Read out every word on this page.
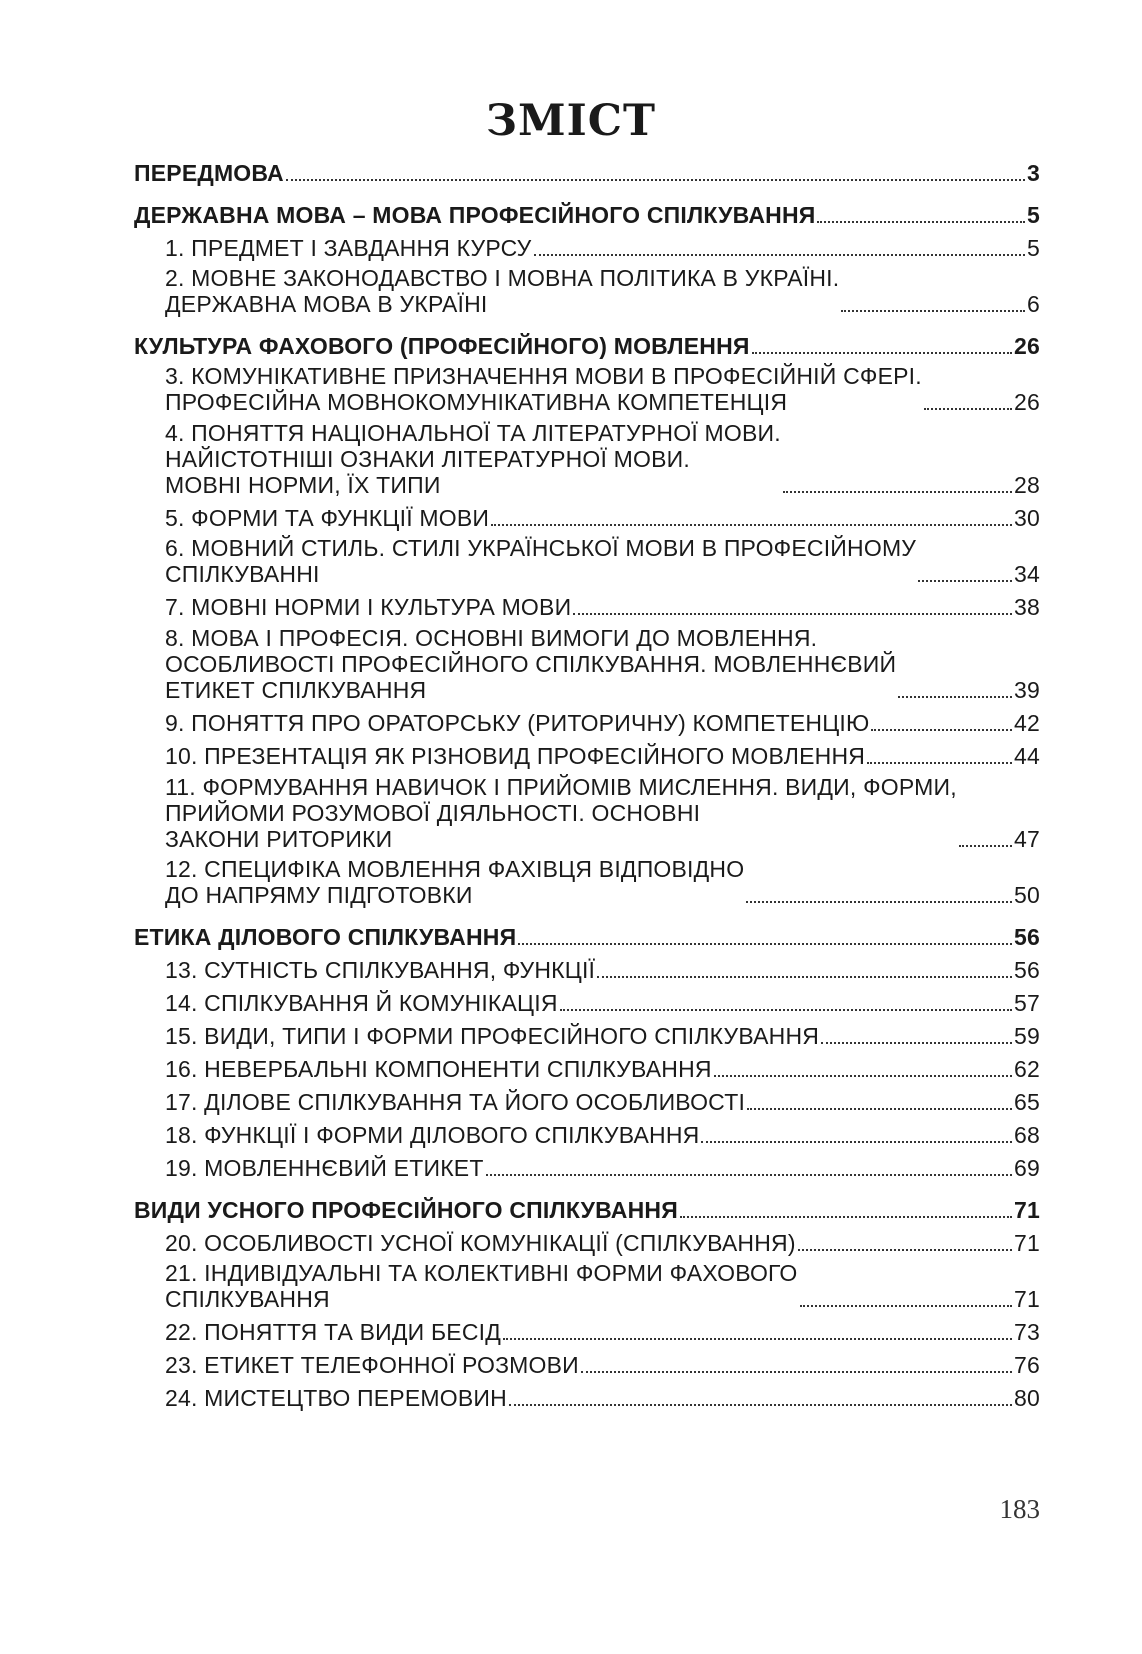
ЗМІСТ
ПЕРЕДМОВА	3
ДЕРЖАВНА МОВА – МОВА ПРОФЕСІЙНОГО СПІЛКУВАННЯ	5
1. ПРЕДМЕТ І ЗАВДАННЯ КУРСУ	5
2. МОВНЕ ЗАКОНОДАВСТВО І МОВНА ПОЛІТИКА В УКРАЇНІ.
ДЕРЖАВНА МОВА В УКРАЇНІ	6
КУЛЬТУРА ФАХОВОГО (ПРОФЕСІЙНОГО) МОВЛЕННЯ	26
3. КОМУНІКАТИВНЕ ПРИЗНАЧЕННЯ МОВИ В ПРОФЕСІЙНІЙ СФЕРІ.
ПРОФЕСІЙНА МОВНОКОМУНІКАТИВНА КОМПЕТЕНЦІЯ	26
4. ПОНЯТТЯ НАЦІОНАЛЬНОЇ ТА ЛІТЕРАТУРНОЇ МОВИ.
НАЙІСТОТНІШІ ОЗНАКИ ЛІТЕРАТУРНОЇ МОВИ.
МОВНІ НОРМИ, ЇХ ТИПИ	28
5. ФОРМИ ТА ФУНКЦІЇ МОВИ	30
6. МОВНИЙ СТИЛЬ. СТИЛІ УКРАЇНСЬКОЇ МОВИ В ПРОФЕСІЙНОМУ
СПІЛКУВАННІ	34
7. МОВНІ НОРМИ І КУЛЬТУРА МОВИ	38
8. МОВА І ПРОФЕСІЯ. ОСНОВНІ ВИМОГИ ДО МОВЛЕННЯ.
ОСОБЛИВОСТІ ПРОФЕСІЙНОГО СПІЛКУВАННЯ. МОВЛЕННЄВИЙ
ЕТИКЕТ СПІЛКУВАННЯ	39
9. ПОНЯТТЯ ПРО ОРАТОРСЬКУ (РИТОРИЧНУ) КОМПЕТЕНЦІЮ	42
10. ПРЕЗЕНТАЦІЯ ЯК РІЗНОВИД ПРОФЕСІЙНОГО МОВЛЕННЯ	44
11. ФОРМУВАННЯ НАВИЧОК І ПРИЙОМІВ МИСЛЕННЯ. ВИДИ, ФОРМИ,
ПРИЙОМИ РОЗУМОВОЇ ДІЯЛЬНОСТІ. ОСНОВНІ
ЗАКОНИ РИТОРИКИ	47
12. СПЕЦИФІКА МОВЛЕННЯ ФАХІВЦЯ ВІДПОВІДНО
ДО НАПРЯМУ ПІДГОТОВКИ	50
ЕТИКА ДІЛОВОГО СПІЛКУВАННЯ	56
13. СУТНІСТЬ СПІЛКУВАННЯ, ФУНКЦІЇ	56
14. СПІЛКУВАННЯ Й КОМУНІКАЦІЯ	57
15. ВИДИ, ТИПИ І ФОРМИ ПРОФЕСІЙНОГО СПІЛКУВАННЯ	59
16. НЕВЕРБАЛЬНІ КОМПОНЕНТИ СПІЛКУВАННЯ	62
17. ДІЛОВЕ СПІЛКУВАННЯ ТА ЙОГО ОСОБЛИВОСТІ	65
18. ФУНКЦІЇ І ФОРМИ ДІЛОВОГО СПІЛКУВАННЯ	68
19. МОВЛЕННЄВИЙ ЕТИКЕТ	69
ВИДИ УСНОГО ПРОФЕСІЙНОГО СПІЛКУВАННЯ	71
20. ОСОБЛИВОСТІ УСНОЇ КОМУНІКАЦІЇ (СПІЛКУВАННЯ)	71
21. ІНДИВІДУАЛЬНІ ТА КОЛЕКТИВНІ ФОРМИ ФАХОВОГО
СПІЛКУВАННЯ	71
22. ПОНЯТТЯ ТА ВИДИ БЕСІД	73
23. ЕТИКЕТ ТЕЛЕФОННОЇ РОЗМОВИ	76
24. МИСТЕЦТВО ПЕРЕМОВИН	80
183
